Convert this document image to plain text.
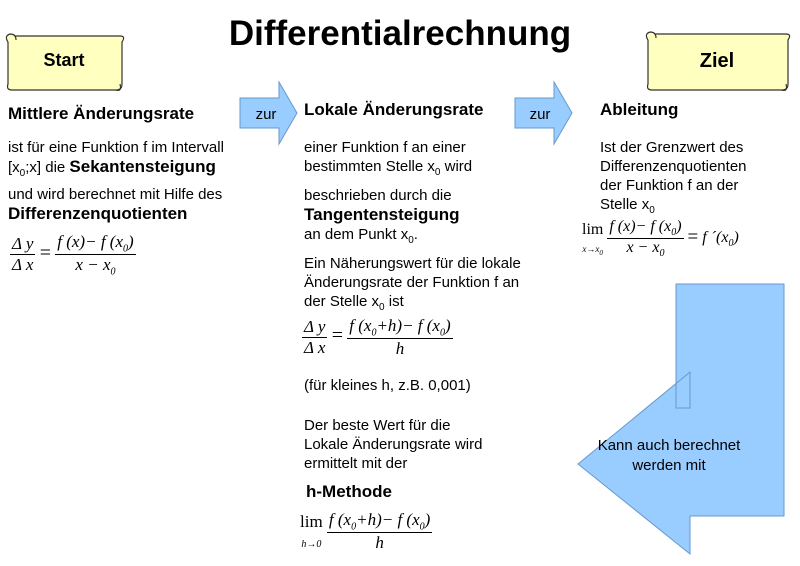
Differentialrechnung
Start	Ziel
zur	zur
Kann auch berechnet werden mit
Mittlere Änderungsrate
ist für eine Funktion f im Intervall
$[x_0;x]$ die Sekantensteigung
und wird berechnet mit Hilfe des
Differenzenquotienten
$\frac{\text{Δ y}}{\text{Δ x}} = \frac{f (x)- f (x_0)}{x - x_0}$
Lokale Änderungsrate
einer Funktion f an einer
bestimmten Stelle $x_0$ wird
beschrieben durch die
Tangentensteigung
an dem Punkt $x_0$.
Ein Näherungswert für die lokale
Änderungsrate der Funktion f an
der Stelle $x_0$ ist
$\frac{\text{Δ y}}{\text{Δ x}} = \frac{f (x_0+h)- f (x_0)}{h}$
(für kleines h, z.B. 0,001)
Der beste Wert für die
Lokale Änderungsrate wird
ermittelt mit der
h-Methode
lim
$h\to 0 \frac{f (x_0+h)- f (x_0)}{h}$
Ableitung
Ist der Grenzwert des
Differenzenquotienten
der Funktion f an der
Stelle $x_0$
lim
$x\to x_0 \frac{f (x)- f (x_0)}{x - x_0} = f$ $´(x_0)$
